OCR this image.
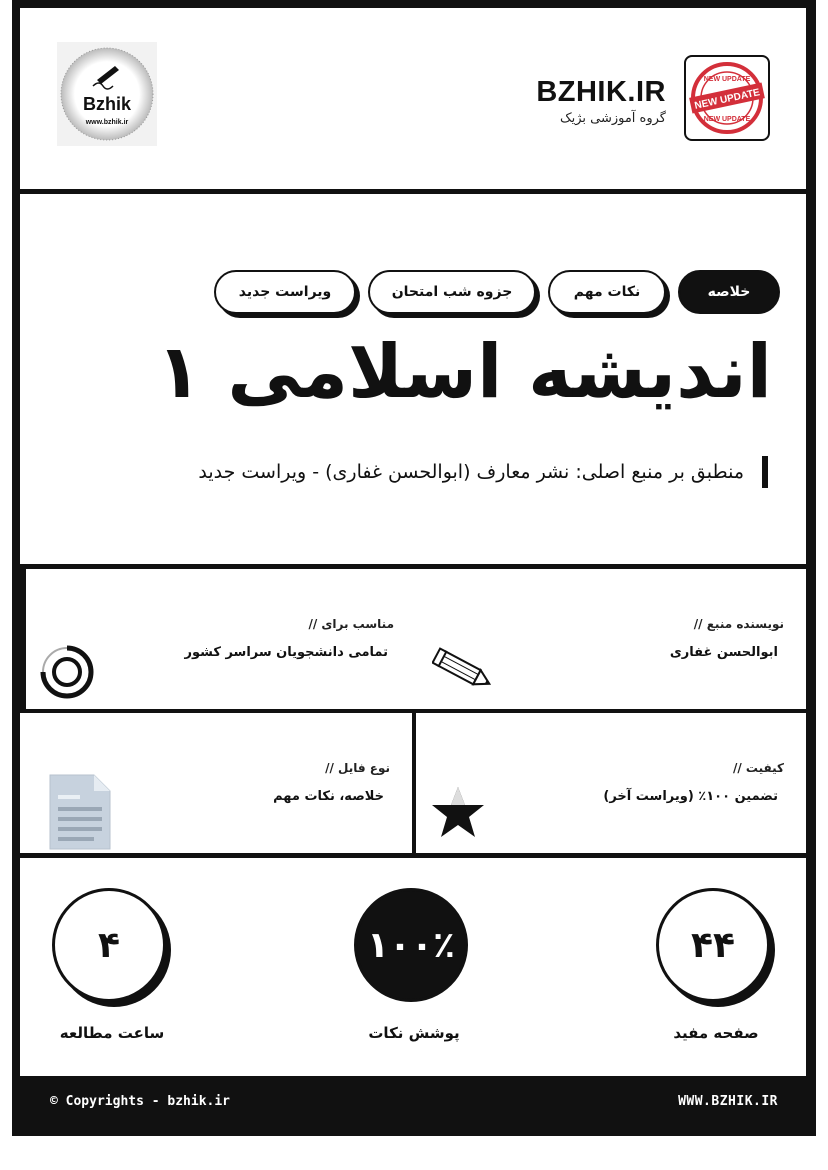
Bzhik
www.bzhik.ir
BZHIK.IR
گروه آموزشی بژیک
NEW UPDATE
NEW UPDATE
NEW UPDATE
خلاصه
نکات مهم
جزوه شب امتحان
ویراست جدید
اندیشه اسلامی ۱
منطبق بر منبع اصلی: نشر معارف (ابوالحسن غفاری) - ویراست جدید
نویسنده منبع //
ابوالحسن غفاری
مناسب برای //
تمامی دانشجویان سراسر کشور
کیفیت //
تضمین ۱۰۰٪ (ویراست آخر)
نوع فایل //
خلاصه، نکات مهم
۴۴
صفحه مفید
۱۰۰٪
پوشش نکات
۴
ساعت مطالعه
© Copyrights - bzhik.ir	WWW.BZHIK.IR
